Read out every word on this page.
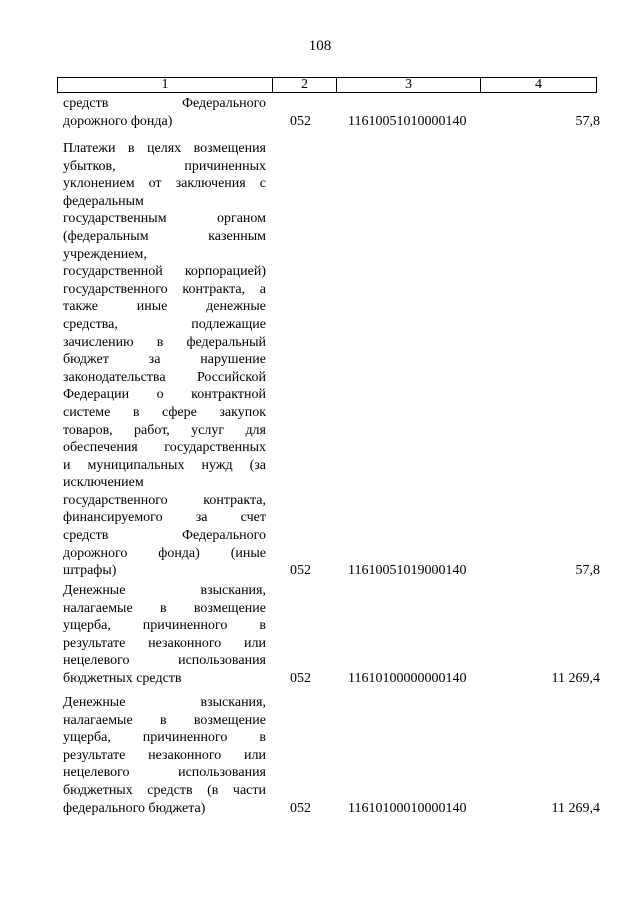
108
1	2	3	4
средств Федерального
дорожного фонда)	052	11610051010000140	57,8
Платежи в целях возмещения
убытков, причиненных
уклонением от заключения с
федеральным
государственным органом
(федеральным казенным
учреждением,
государственной корпорацией)
государственного контракта, а
также иные денежные
средства, подлежащие
зачислению в федеральный
бюджет за нарушение
законодательства Российской
Федерации о контрактной
системе в сфере закупок
товаров, работ, услуг для
обеспечения государственных
и муниципальных нужд (за
исключением
государственного контракта,
финансируемого за счет
средств Федерального
дорожного фонда) (иные
штрафы)	052	11610051019000140	57,8
Денежные взыскания,
налагаемые в возмещение
ущерба, причиненного в
результате незаконного или
нецелевого использования
бюджетных средств	052	11610100000000140	11 269,4
Денежные взыскания,
налагаемые в возмещение
ущерба, причиненного в
результате незаконного или
нецелевого использования
бюджетных средств (в части
федерального бюджета)	052	11610100010000140	11 269,4
